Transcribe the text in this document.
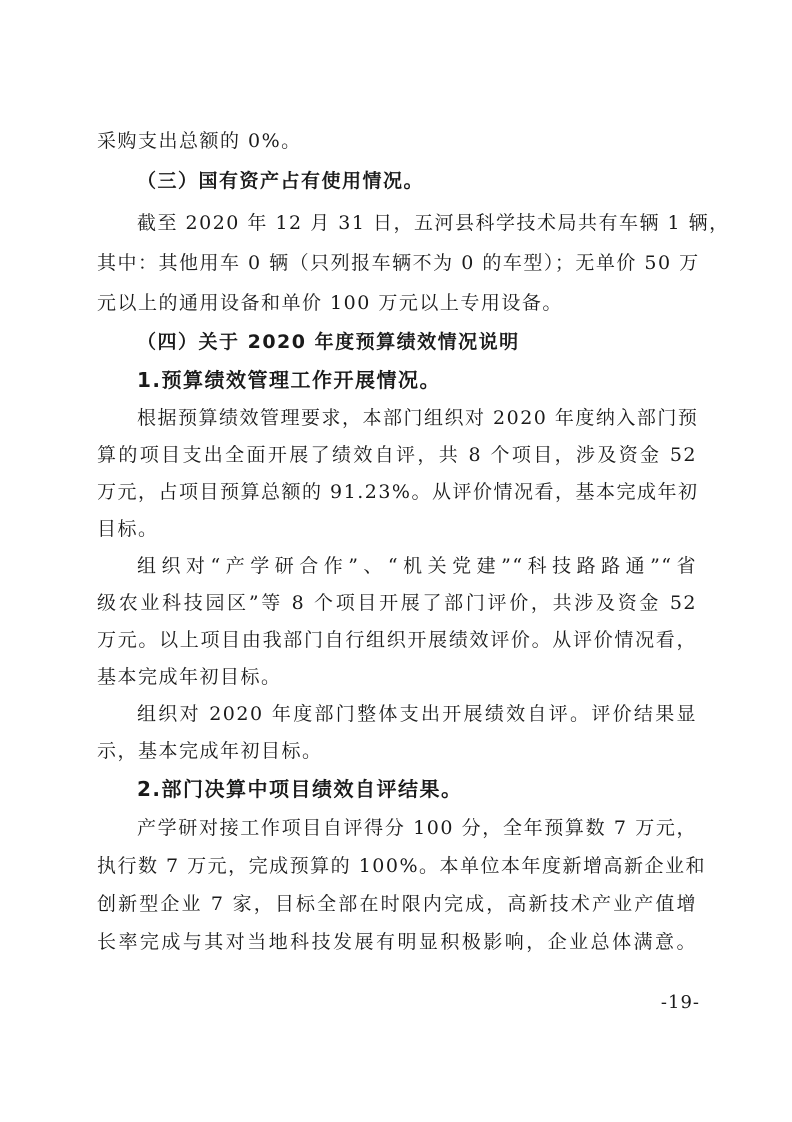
采购支出总额的 0%。
（三）国有资产占有使用情况。
截至 2020 年 12 月 31 日，五河县科学技术局共有车辆 1 辆，
其中：其他用车 0 辆（只列报车辆不为 0 的车型）；无单价 50 万
元以上的通用设备和单价 100 万元以上专用设备。
（四）关于 2020 年度预算绩效情况说明
1.预算绩效管理工作开展情况。
根据预算绩效管理要求，本部门组织对 2020 年度纳入部门预
算的项目支出全面开展了绩效自评，共 8 个项目，涉及资金 52
万元，占项目预算总额的 91.23%。从评价情况看，基本完成年初
目标。
组织对“产学研合作”、“机关党建”“科技路路通”“省
级农业科技园区”等 8 个项目开展了部门评价，共涉及资金 52
万元。以上项目由我部门自行组织开展绩效评价。从评价情况看，
基本完成年初目标。
组织对 2020 年度部门整体支出开展绩效自评。评价结果显
示，基本完成年初目标。
2.部门决算中项目绩效自评结果。
产学研对接工作项目自评得分 100 分，全年预算数 7 万元，
执行数 7 万元，完成预算的 100%。本单位本年度新增高新企业和
创新型企业 7 家，目标全部在时限内完成，高新技术产业产值增
长率完成与其对当地科技发展有明显积极影响，企业总体满意。
-19-
